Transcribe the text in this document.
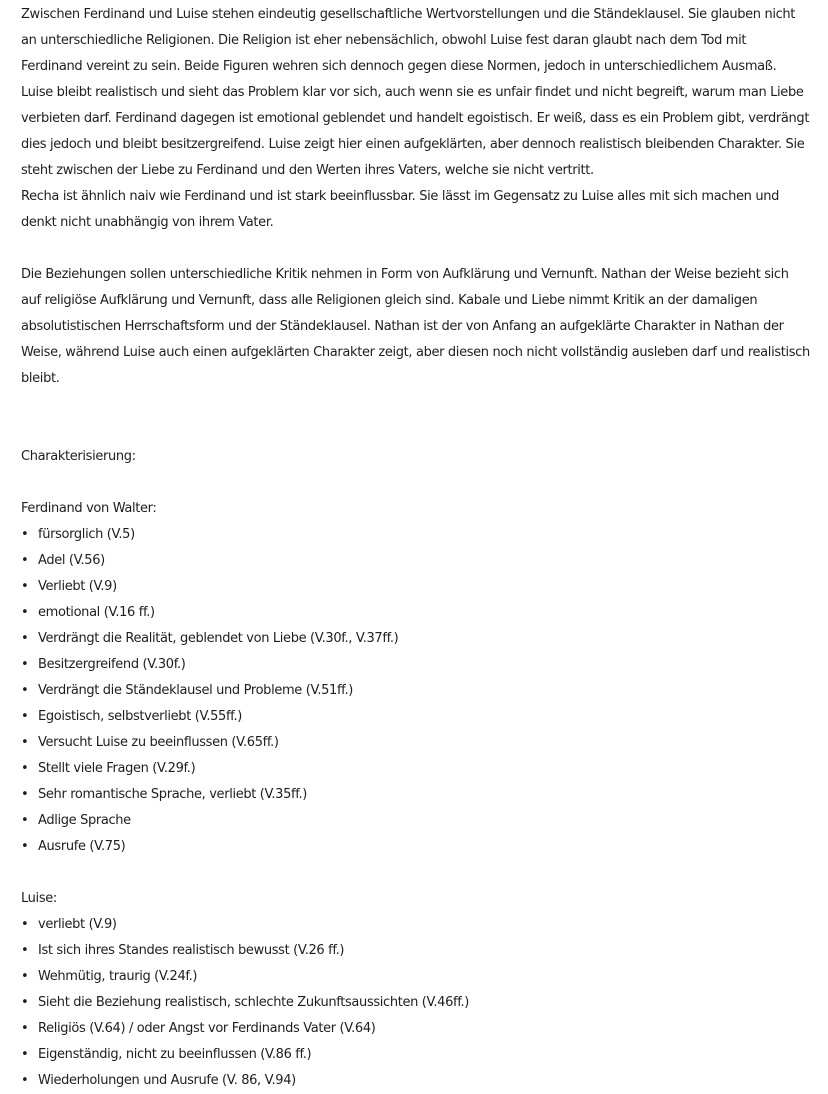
Zwischen Ferdinand und Luise stehen eindeutig gesellschaftliche Wertvorstellungen und die Ständeklausel. Sie glauben nicht an unterschiedliche Religionen. Die Religion ist eher nebensächlich, obwohl Luise fest daran glaubt nach dem Tod mit Ferdinand vereint zu sein. Beide Figuren wehren sich dennoch gegen diese Normen, jedoch in unterschiedlichem Ausmaß. Luise bleibt realistisch und sieht das Problem klar vor sich, auch wenn sie es unfair findet und nicht begreift, warum man Liebe verbieten darf. Ferdinand dagegen ist emotional geblendet und handelt egoistisch. Er weiß, dass es ein Problem gibt, verdrängt dies jedoch und bleibt besitzergreifend. Luise zeigt hier einen aufgeklärten, aber dennoch realistisch bleibenden Charakter. Sie steht zwischen der Liebe zu Ferdinand und den Werten ihres Vaters, welche sie nicht vertritt.

Recha ist ähnlich naiv wie Ferdinand und ist stark beeinflussbar. Sie lässt im Gegensatz zu Luise alles mit sich machen und denkt nicht unabhängig von ihrem Vater.

Die Beziehungen sollen unterschiedliche Kritik nehmen in Form von Aufklärung und Vernunft. Nathan der Weise bezieht sich auf religiöse Aufklärung und Vernunft, dass alle Religionen gleich sind. Kabale und Liebe nimmt Kritik an der damaligen absolutistischen Herrschaftsform und der Ständeklausel. Nathan ist der von Anfang an aufgeklärte Charakter in Nathan der Weise, während Luise auch einen aufgeklärten Charakter zeigt, aber diesen noch nicht vollständig ausleben darf und realistisch bleibt.

Charakterisierung:

Ferdinand von Walter:

• fürsorglich (V.5)
• Adel (V.56)
• Verliebt (V.9)
• emotional (V.16 ff.)
• Verdrängt die Realität, geblendet von Liebe (V.30f., V.37ff.)
• Besitzergreifend (V.30f.)
• Verdrängt die Ständeklausel und Probleme (V.51ff.)
• Egoistisch, selbstverliebt (V.55ff.)
• Versucht Luise zu beeinflussen (V.65ff.)
• Stellt viele Fragen (V.29f.)
• Sehr romantische Sprache, verliebt (V.35ff.)
• Adlige Sprache
• Ausrufe (V.75)

Luise:

• verliebt (V.9)
• Ist sich ihres Standes realistisch bewusst (V.26 ff.)
• Wehmütig, traurig (V.24f.)
• Sieht die Beziehung realistisch, schlechte Zukunftsaussichten (V.46ff.)
• Religiös (V.64) / oder Angst vor Ferdinands Vater (V.64)
• Eigenständig, nicht zu beeinflussen (V.86 ff.)
• Wiederholungen und Ausrufe (V. 86, V.94)
